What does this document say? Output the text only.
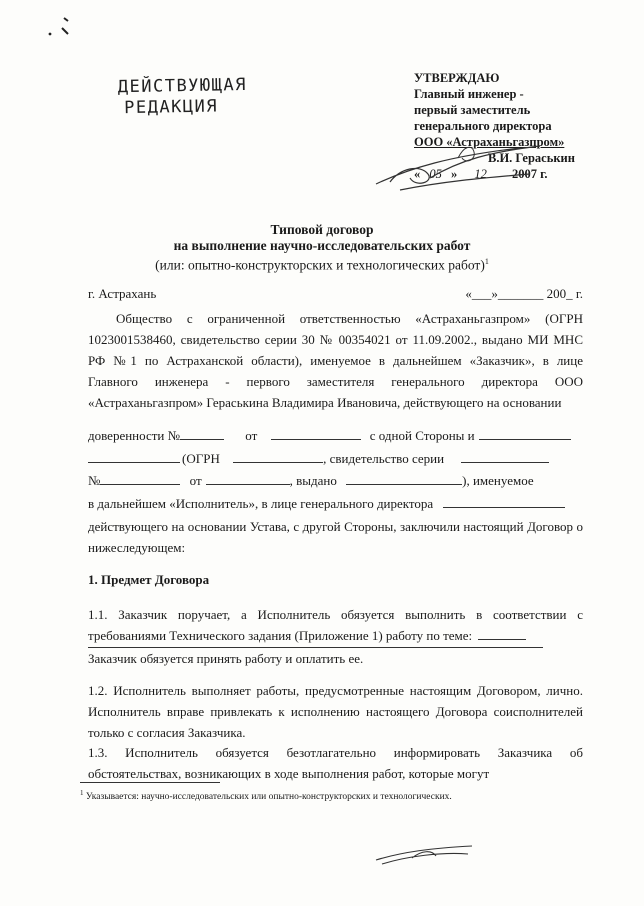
ДЕЙСТВУЮЩАЯ
РЕДАКЦИЯ
УТВЕРЖДАЮ
Главный инженер -
первый заместитель
генерального директора
ООО «Астраханьгазпром»
В.И. Гераськин
« 05 » 12 2007 г.
Типовой договор
на выполнение научно-исследовательских работ
(или: опытно-конструкторских и технологических работ)$^1$
г. Астрахань	«___»_______ 200_ г.
Общество с ограниченной ответственностью «Астраханьгазпром» (ОГРН 1023001538460, свидетельство серии 30 № 00354021 от 11.09.2002., выдано МИ МНС РФ №1 по Астраханской области), именуемое в дальнейшем «Заказчик», в лице Главного инженера - первого заместителя генерального директора ООО «Астраханьгазпром» Гераськина Владимира Ивановича, действующего на основании
доверенности №	от	с одной Стороны и
(ОГРН	, свидетельство серии
№	от	, выдано	), именуемое
в дальнейшем «Исполнитель», в лице генерального директора
действующего на основании Устава, с другой Стороны, заключили настоящий Договор о нижеследующем:
1. Предмет Договора
1.1. Заказчик поручает, а Исполнитель обязуется выполнить в соответствии с требованиями Технического задания (Приложение 1) работу по теме:
Заказчик обязуется принять работу и оплатить ее.
1.2. Исполнитель выполняет работы, предусмотренные настоящим Договором, лично. Исполнитель вправе привлекать к исполнению настоящего Договора соисполнителей только с согласия Заказчика.
1.3. Исполнитель обязуется безотлагательно информировать Заказчика об обстоятельствах, возникающих в ходе выполнения работ, которые могут
$^1$ Указывается: научно-исследовательских или опытно-конструкторских и технологических.
